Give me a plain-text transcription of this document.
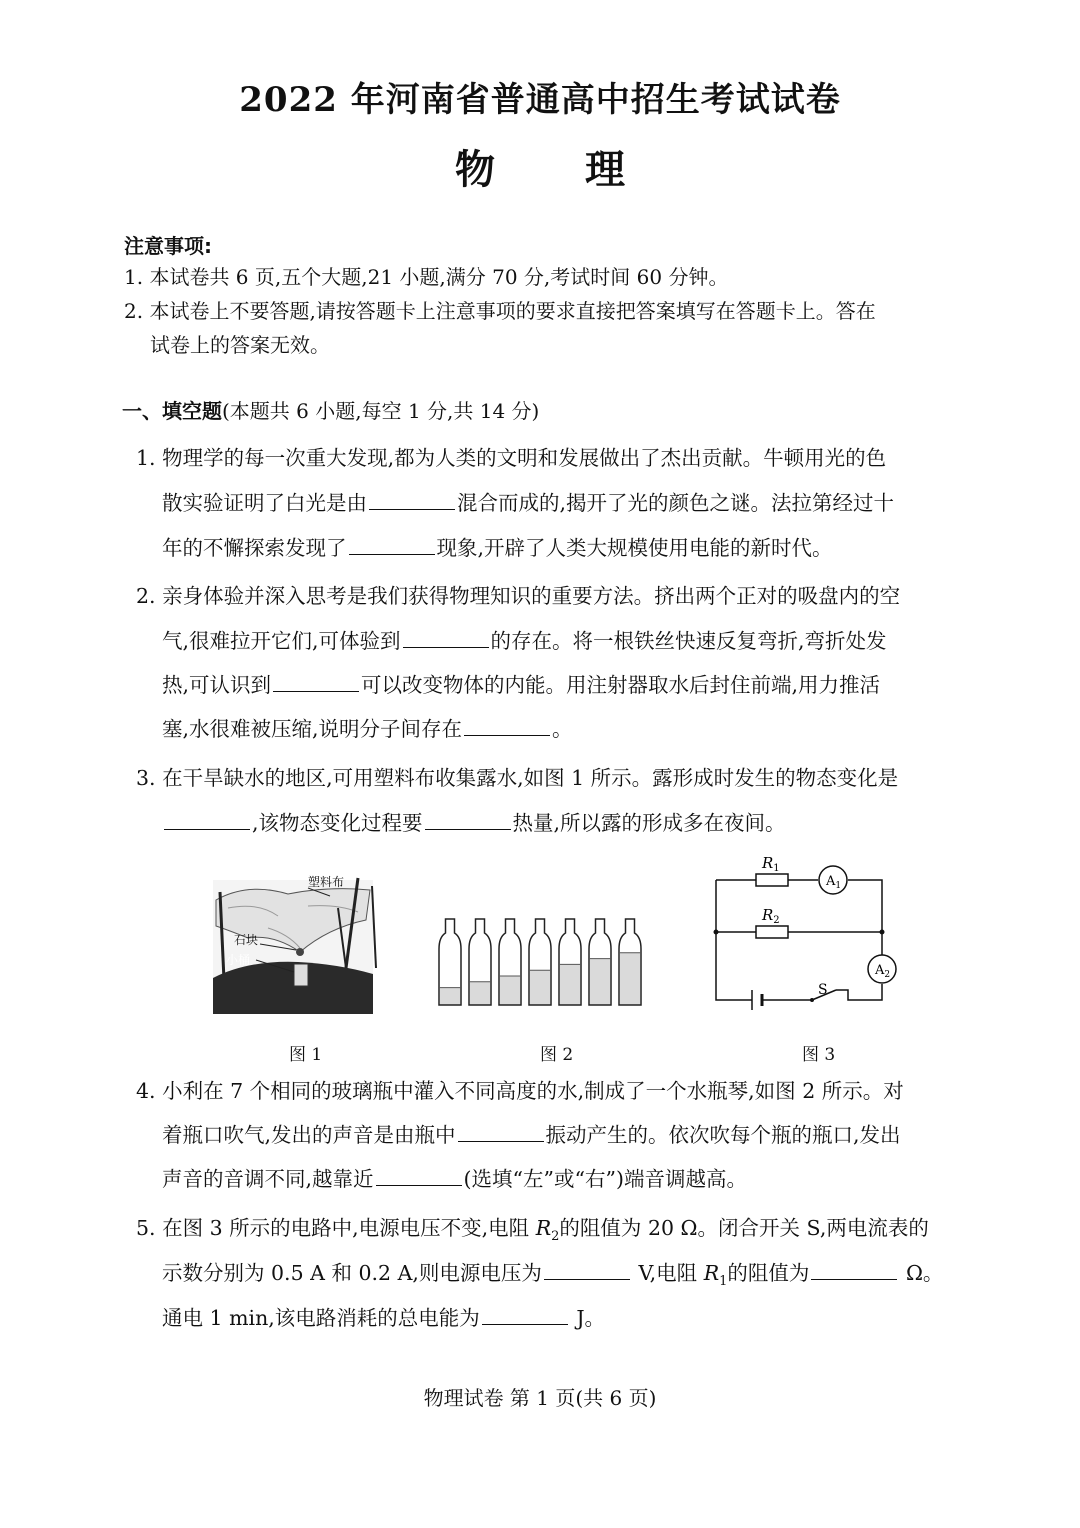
2022 年河南省普通高中招生考试试卷
物理
注意事项:
1. 本试卷共 6 页,五个大题,21 小题,满分 70 分,考试时间 60 分钟。
2. 本试卷上不要答题,请按答题卡上注意事项的要求直接把答案填写在答题卡上。答在
试卷上的答案无效。
一、填空题(本题共 6 小题,每空 1 分,共 14 分)
1. 物理学的每一次重大发现,都为人类的文明和发展做出了杰出贡献。牛顿用光的色
散实验证明了白光是由	混合而成的,揭开了光的颜色之谜。法拉第经过十
年的不懈探索发现了	现象,开辟了人类大规模使用电能的新时代。
2. 亲身体验并深入思考是我们获得物理知识的重要方法。挤出两个正对的吸盘内的空
气,很难拉开它们,可体验到	的存在。将一根铁丝快速反复弯折,弯折处发
热,可认识到	可以改变物体的内能。用注射器取水后封住前端,用力推活
塞,水很难被压缩,说明分子间存在	。
3. 在干旱缺水的地区,可用塑料布收集露水,如图 1 所示。露形成时发生的物态变化是
,该物态变化过程要	热量,所以露的形成多在夜间。
塑料布
石块
小桶
$R_1$
$R_2$
$A_1$
$A_2$
S
图 1	图 2	图 3
4. 小利在 7 个相同的玻璃瓶中灌入不同高度的水,制成了一个水瓶琴,如图 2 所示。对
着瓶口吹气,发出的声音是由瓶中	振动产生的。依次吹每个瓶的瓶口,发出
声音的音调不同,越靠近	(选填“左”或“右”)端音调越高。
5. 在图 3 所示的电路中,电源电压不变,电阻 $R_2$的阻值为 20 Ω。闭合开关 S,两电流表的
示数分别为 0.5 A 和 0.2 A,则电源电压为	V,电阻 $R_1$的阻值为	Ω。
通电 1 min,该电路消耗的总电能为	J。
物理试卷 第 1 页(共 6 页)
